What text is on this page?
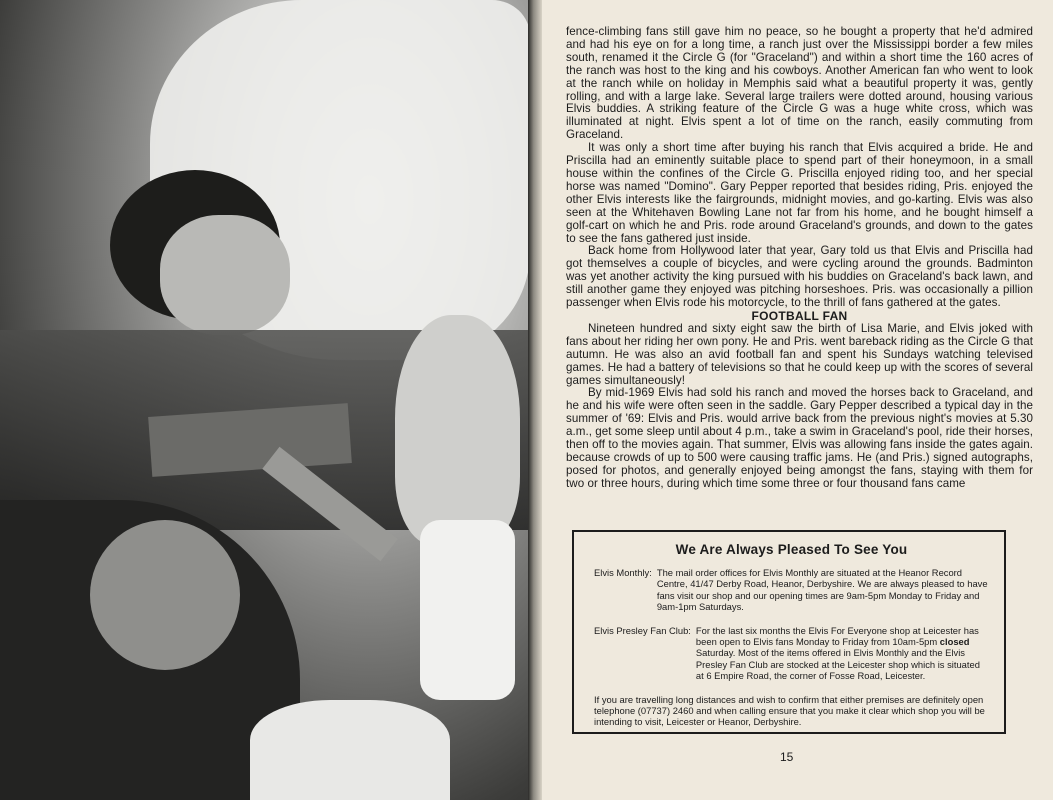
fence-climbing fans still gave him no peace, so he bought a property that he'd admired and had his eye on for a long time, a ranch just over the Mississippi border a few miles south, renamed it the Circle G (for "Graceland") and within a short time the 160 acres of the ranch was host to the king and his cowboys. Another American fan who went to look at the ranch while on holiday in Memphis said what a beautiful property it was, gently rolling, and with a large lake. Several large trailers were dotted around, housing various Elvis buddies. A striking feature of the Circle G was a huge white cross, which was illuminated at night. Elvis spent a lot of time on the ranch, easily commuting from Graceland.

It was only a short time after buying his ranch that Elvis acquired a bride. He and Priscilla had an eminently suitable place to spend part of their honeymoon, in a small house within the confines of the Circle G. Priscilla enjoyed riding too, and her special horse was named "Domino". Gary Pepper reported that besides riding, Pris. enjoyed the other Elvis interests like the fairgrounds, midnight movies, and go-karting. Elvis was also seen at the Whitehaven Bowling Lane not far from his home, and he bought himself a golf-cart on which he and Pris. rode around Graceland's grounds, and down to the gates to see the fans gathered just inside.

Back home from Hollywood later that year, Gary told us that Elvis and Priscilla had got themselves a couple of bicycles, and were cycling around the grounds. Badminton was yet another activity the king pursued with his buddies on Graceland's back lawn, and still another game they enjoyed was pitching horseshoes. Pris. was occasionally a pillion passenger when Elvis rode his motorcycle, to the thrill of fans gathered at the gates.

FOOTBALL FAN

Nineteen hundred and sixty eight saw the birth of Lisa Marie, and Elvis joked with fans about her riding her own pony. He and Pris. went bareback riding as the Circle G that autumn. He was also an avid football fan and spent his Sundays watching televised games. He had a battery of televisions so that he could keep up with the scores of several games simultaneously!

By mid-1969 Elvis had sold his ranch and moved the horses back to Graceland, and he and his wife were often seen in the saddle. Gary Pepper described a typical day in the summer of '69: Elvis and Pris. would arrive back from the previous night's movies at 5.30 a.m., get some sleep until about 4 p.m., take a swim in Graceland's pool, ride their horses, then off to the movies again. That summer, Elvis was allowing fans inside the gates again. because crowds of up to 500 were causing traffic jams. He (and Pris.) signed autographs, posed for photos, and generally enjoyed being amongst the fans, staying with them for two or three hours, during which time some three or four thousand fans came

We Are Always Pleased To See You
Elvis Monthly: The mail order offices for Elvis Monthly are situated at the Heanor Record Centre, 41/47 Derby Road, Heanor, Derbyshire. We are always pleased to have fans visit our shop and our opening times are 9am-5pm Monday to Friday and 9am-1pm Saturdays.
Elvis Presley Fan Club: For the last six months the Elvis For Everyone shop at Leicester has been open to Elvis fans Monday to Friday from 10am-5pm closed Saturday. Most of the items offered in Elvis Monthly and the Elvis Presley Fan Club are stocked at the Leicester shop which is situated at 6 Empire Road, the corner of Fosse Road, Leicester.
If you are travelling long distances and wish to confirm that either premises are definitely open telephone (07737) 2460 and when calling ensure that you make it clear which shop you will be intending to visit, Leicester or Heanor, Derbyshire.
15
